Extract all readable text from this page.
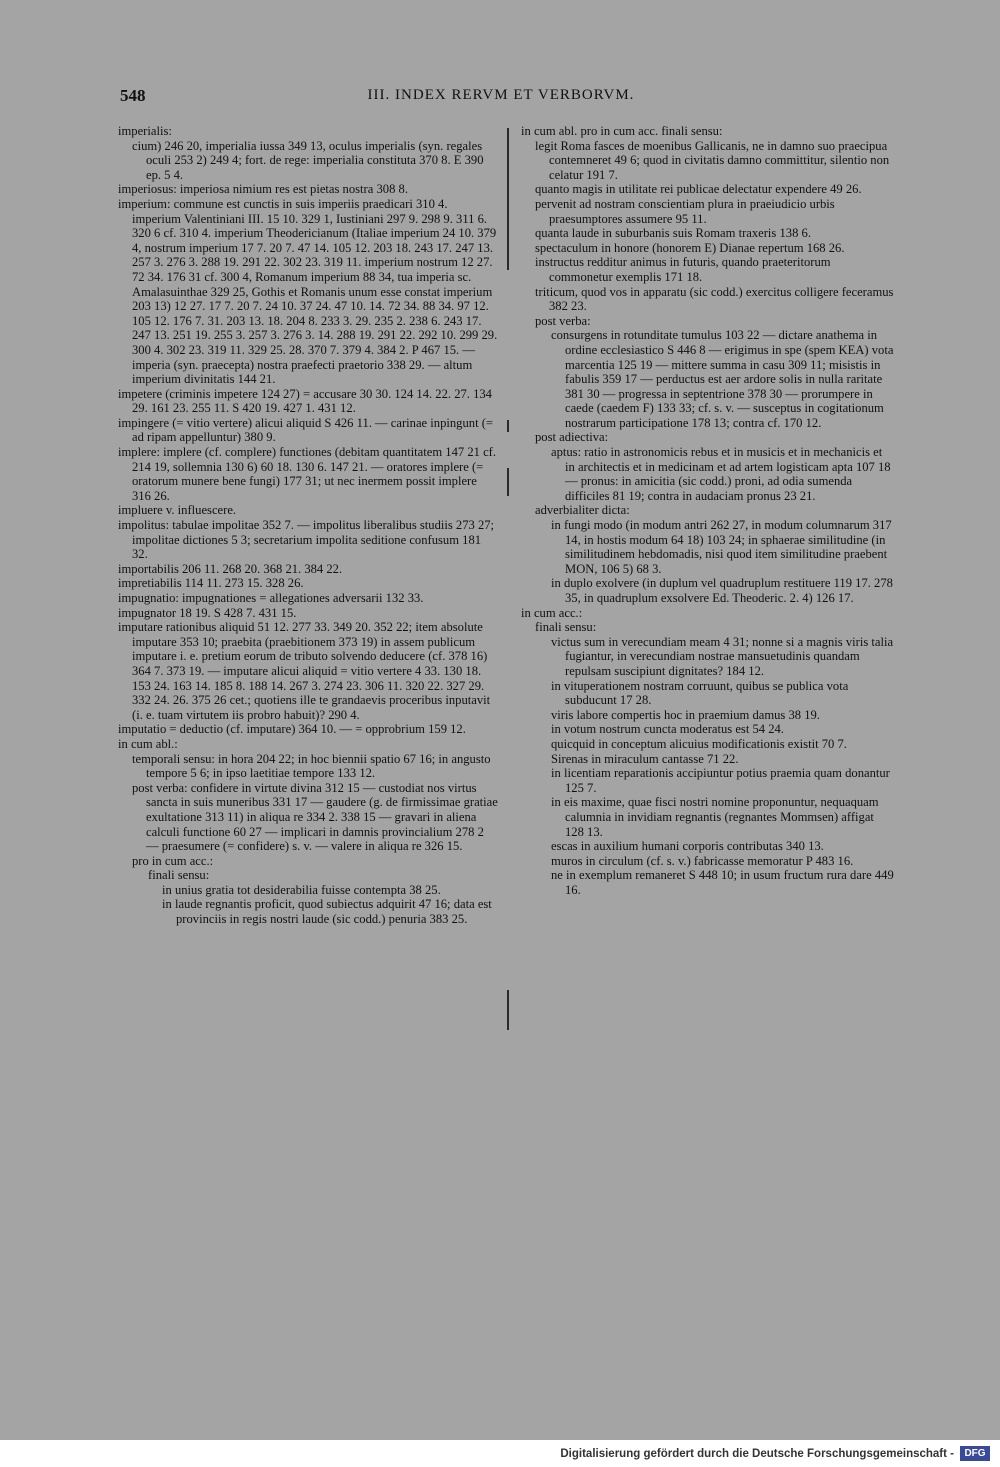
548	III. INDEX RERVM ET VERBORVM.

imperialis:

cium) 246 20, imperialia iussa 349 13, oculus imperialis (syn. regales oculi 253 2) 249 4; fort. de rege: imperialia constituta 370 8. E 390 ep. 5 4.

imperiosus: imperiosa nimium res est pietas nostra 308 8.

imperium: commune est cunctis in suis imperiis praedicari 310 4. imperium Valentiniani III. 15 10. 329 1, Iustiniani 297 9. 298 9. 311 6. 320 6 cf. 310 4. imperium Theodericianum (Italiae imperium 24 10. 379 4, nostrum imperium 17 7. 20 7. 47 14. 105 12. 203 18. 243 17. 247 13. 257 3. 276 3. 288 19. 291 22. 302 23. 319 11. imperium nostrum 12 27. 72 34. 176 31 cf. 300 4, Romanum imperium 88 34, tua imperia sc. Amalasuinthae 329 25, Gothis et Romanis unum esse constat imperium 203 13) 12 27. 17 7. 20 7. 24 10. 37 24. 47 10. 14. 72 34. 88 34. 97 12. 105 12. 176 7. 31. 203 13. 18. 204 8. 233 3. 29. 235 2. 238 6. 243 17. 247 13. 251 19. 255 3. 257 3. 276 3. 14. 288 19. 291 22. 292 10. 299 29. 300 4. 302 23. 319 11. 329 25. 28. 370 7. 379 4. 384 2. P 467 15. — imperia (syn. praecepta) nostra praefecti praetorio 338 29. — altum imperium divinitatis 144 21.

impetere (criminis impetere 124 27) = accusare 30 30. 124 14. 22. 27. 134 29. 161 23. 255 11. S 420 19. 427 1. 431 12.

impingere (= vitio vertere) alicui aliquid S 426 11. — carinae inpingunt (= ad ripam appelluntur) 380 9.

implere: implere (cf. complere) functiones (debitam quantitatem 147 21 cf. 214 19, sollemnia 130 6) 60 18. 130 6. 147 21. — oratores implere (= oratorum munere bene fungi) 177 31; ut nec inermem possit implere 316 26.

impluere v. influescere.

impolitus: tabulae impolitae 352 7. — impolitus liberalibus studiis 273 27; impolitae dictiones 5 3; secretarium impolita seditione confusum 181 32.

importabilis 206 11. 268 20. 368 21. 384 22.

impretiabilis 114 11. 273 15. 328 26.

impugnatio: impugnationes = allegationes adversarii 132 33.

impugnator 18 19. S 428 7. 431 15.

imputare rationibus aliquid 51 12. 277 33. 349 20. 352 22; item absolute imputare 353 10; praebita (praebitionem 373 19) in assem publicum imputare i. e. pretium eorum de tributo solvendo deducere (cf. 378 16) 364 7. 373 19. — imputare alicui aliquid = vitio vertere 4 33. 130 18. 153 24. 163 14. 185 8. 188 14. 267 3. 274 23. 306 11. 320 22. 327 29. 332 24. 26. 375 26 cet.; quotiens ille te grandaevis proceribus inputavit (i. e. tuam virtutem iis probro habuit)? 290 4.

imputatio = deductio (cf. imputare) 364 10. — = opprobrium 159 12.

in cum abl.:

temporali sensu: in hora 204 22; in hoc biennii spatio 67 16; in angusto tempore 5 6; in ipso laetitiae tempore 133 12.

post verba: confidere in virtute divina 312 15 — custodiat nos virtus sancta in suis muneribus 331 17 — gaudere (g. de firmissimae gratiae exultatione 313 11) in aliqua re 334 2. 338 15 — gravari in aliena calculi functione 60 27 — implicari in damnis provincialium 278 2 — praesumere (= confidere) s. v. — valere in aliqua re 326 15.

pro in cum acc.:

finali sensu:

in unius gratia tot desiderabilia fuisse contempta 38 25.

in laude regnantis proficit, quod subiectus adquirit 47 16; data est provinciis in regis nostri laude (sic codd.) penuria 383 25.

in cum abl. pro in cum acc. finali sensu:

legit Roma fasces de moenibus Gallicanis, ne in damno suo praecipua contemneret 49 6; quod in civitatis damno committitur, silentio non celatur 191 7.

quanto magis in utilitate rei publicae delectatur expendere 49 26.

pervenit ad nostram conscientiam plura in praeiudicio urbis praesumptores assumere 95 11.

quanta laude in suburbanis suis Romam traxeris 138 6.

spectaculum in honore (honorem E) Dianae repertum 168 26.

instructus redditur animus in futuris, quando praeteritorum commonetur exemplis 171 18.

triticum, quod vos in apparatu (sic codd.) exercitus colligere feceramus 382 23.

post verba:

consurgens in rotunditate tumulus 103 22 — dictare anathema in ordine ecclesiastico S 446 8 — erigimus in spe (spem KEA) vota marcentia 125 19 — mittere summa in casu 309 11; misistis in fabulis 359 17 — perductus est aer ardore solis in nulla raritate 381 30 — progressa in septentrione 378 30 — prorumpere in caede (caedem F) 133 33; cf. s. v. — susceptus in cogitationum nostrarum participatione 178 13; contra cf. 170 12.

post adiectiva:

aptus: ratio in astronomicis rebus et in musicis et in mechanicis et in architectis et in medicinam et ad artem logisticam apta 107 18 — pronus: in amicitia (sic codd.) proni, ad odia sumenda difficiles 81 19; contra in audaciam pronus 23 21.

adverbialiter dicta:

in fungi modo (in modum antri 262 27, in modum columnarum 317 14, in hostis modum 64 18) 103 24; in sphaerae similitudine (in similitudinem hebdomadis, nisi quod item similitudine praebent MON, 106 5) 68 3.

in duplo exolvere (in duplum vel quadruplum restituere 119 17. 278 35, in quadruplum exsolvere Ed. Theoderic. 2. 4) 126 17.

in cum acc.:

finali sensu:

victus sum in verecundiam meam 4 31; nonne si a magnis viris talia fugiantur, in verecundiam nostrae mansuetudinis quandam repulsam suscipiunt dignitates? 184 12.

in vituperationem nostram corruunt, quibus se publica vota subducunt 17 28.

viris labore compertis hoc in praemium damus 38 19.

in votum nostrum cuncta moderatus est 54 24.

quicquid in conceptum alicuius modificationis existit 70 7.

Sirenas in miraculum cantasse 71 22.

in licentiam reparationis accipiuntur potius praemia quam donantur 125 7.

in eis maxime, quae fisci nostri nomine proponuntur, nequaquam calumnia in invidiam regnantis (regnantes Mommsen) affigat 128 13.

escas in auxilium humani corporis contributas 340 13.

muros in circulum (cf. s. v.) fabricasse memoratur P 483 16.

ne in exemplum remaneret S 448 10; in usum fructum rura dare 449 16.

Digitalisierung gefördert durch die Deutsche Forschungsgemeinschaft -	DFG
